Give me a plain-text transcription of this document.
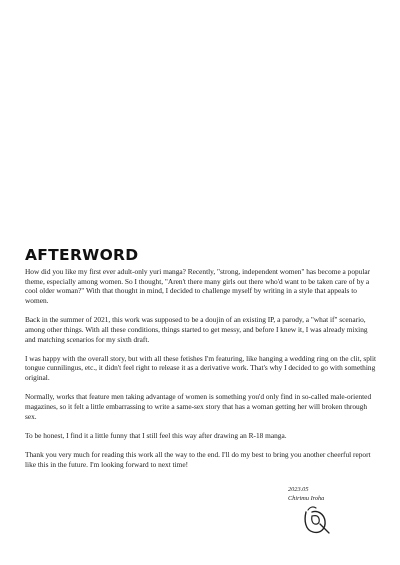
AFTERWORD

How did you like my first ever adult-only yuri manga? Recently, "strong, independent women" has become a popular theme, especially among women. So I thought, "Aren't there many girls out there who'd want to be taken care of by a cool older woman?" With that thought in mind, I decided to challenge myself by writing in a style that appeals to women.

Back in the summer of 2021, this work was supposed to be a doujin of an existing IP, a parody, a "what if" scenario, among other things. With all these conditions, things started to get messy, and before I knew it, I was already mixing and matching scenarios for my sixth draft.

I was happy with the overall story, but with all these fetishes I'm featuring, like hanging a wedding ring on the clit, split tongue cunnilingus, etc., it didn't feel right to release it as a derivative work. That's why I decided to go with something original.

Normally, works that feature men taking advantage of women is something you'd only find in so-called male-oriented magazines, so it felt a little embarrassing to write a same-sex story that has a woman getting her will broken through sex.

To be honest, I find it a little funny that I still feel this way after drawing an R-18 manga.

Thank you very much for reading this work all the way to the end. I'll do my best to bring you another cheerful report like this in the future. I'm looking forward to next time!

2023.05
Chirimu Iroha
